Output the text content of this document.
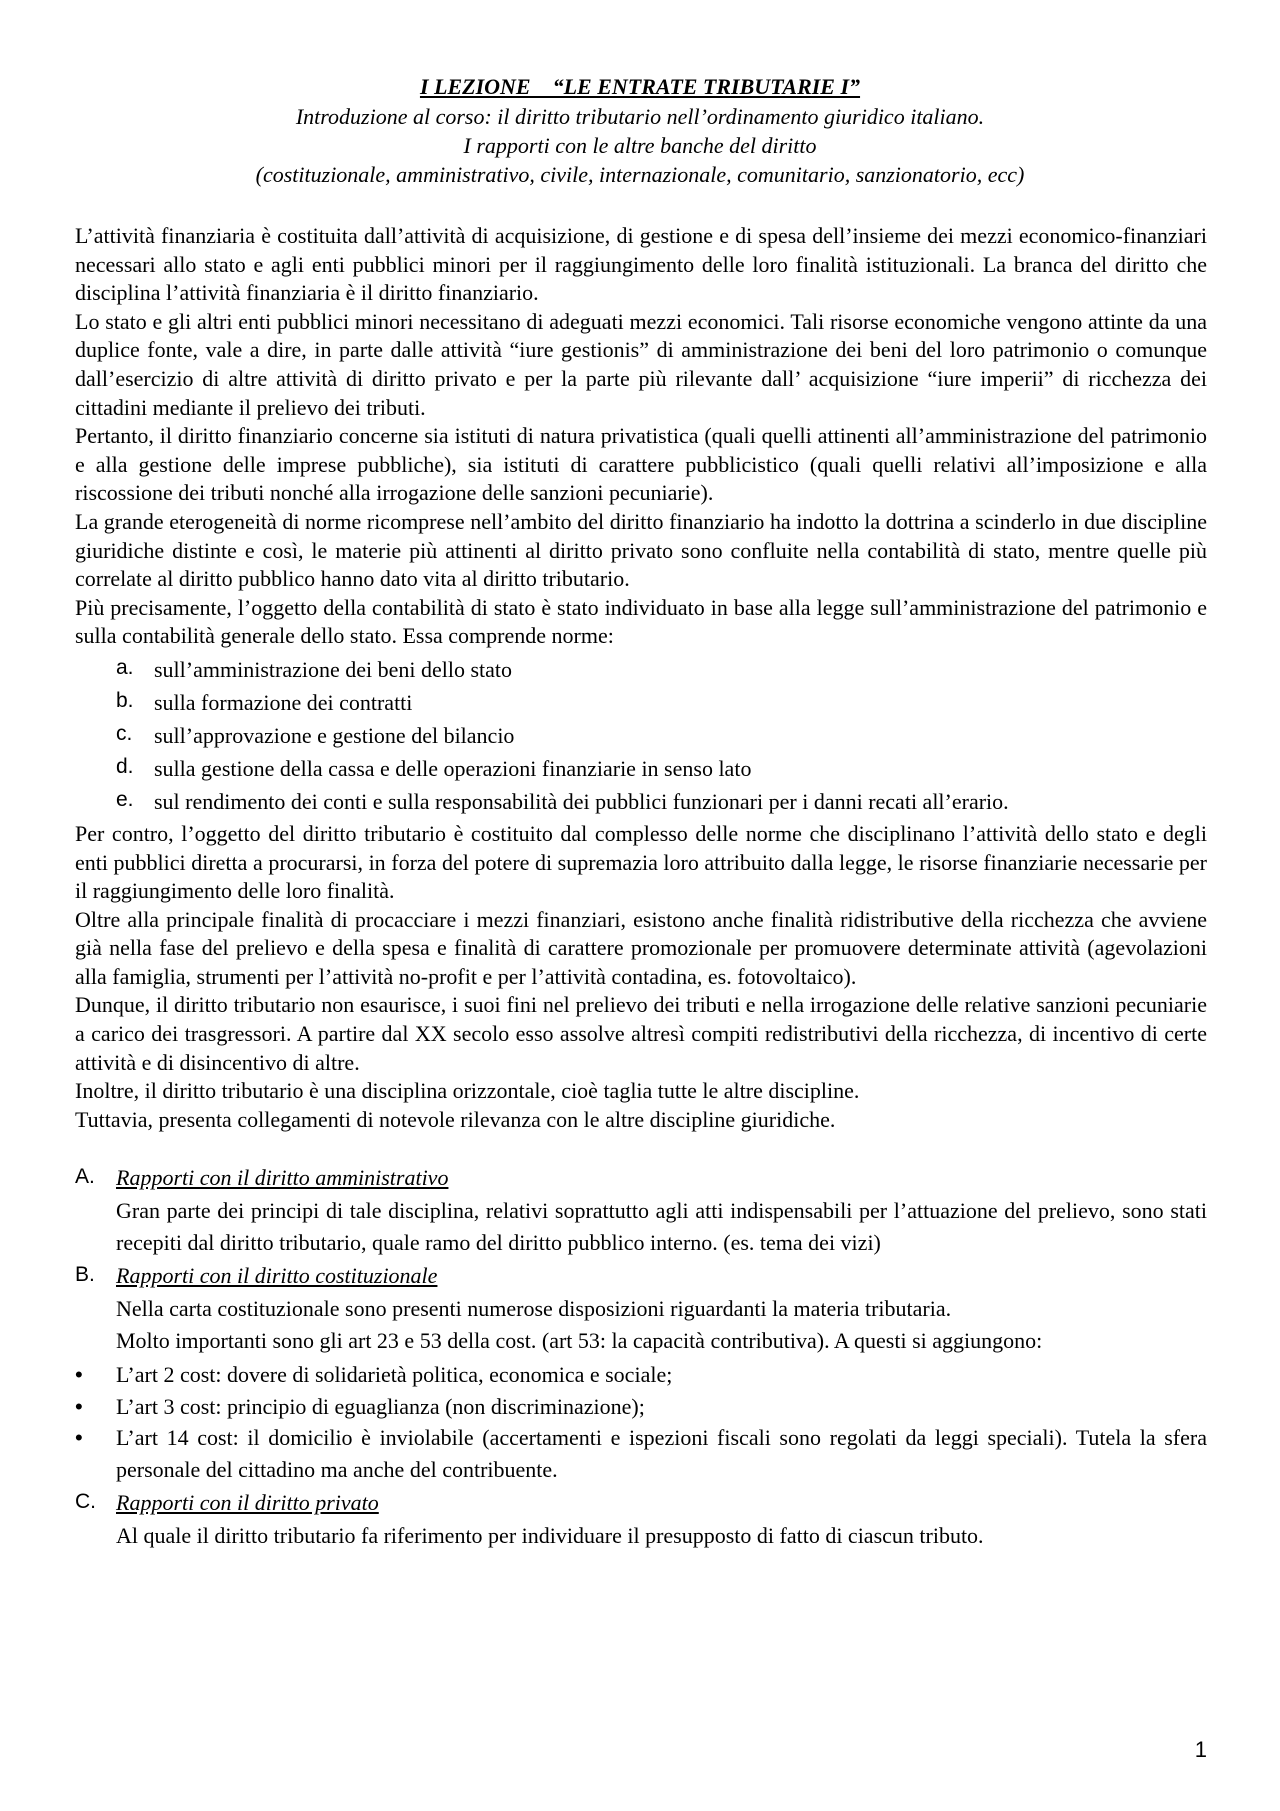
I LEZIONE    “LE ENTRATE TRIBUTARIE I”
Introduzione al corso: il diritto tributario nell’ordinamento giuridico italiano.
I rapporti con le altre banche del diritto
(costituzionale, amministrativo, civile, internazionale, comunitario, sanzionatorio, ecc)

L’attività finanziaria è costituita dall’attività di acquisizione, di gestione e di spesa dell’insieme dei mezzi economico-finanziari necessari allo stato e agli enti pubblici minori per il raggiungimento delle loro finalità istituzionali. La branca del diritto che disciplina l’attività finanziaria è il diritto finanziario.

Lo stato e gli altri enti pubblici minori necessitano di adeguati mezzi economici. Tali risorse economiche vengono attinte da una duplice fonte, vale a dire, in parte dalle attività “iure gestionis” di amministrazione dei beni del loro patrimonio o comunque dall’esercizio di altre attività di diritto privato e per la parte più rilevante dall’ acquisizione “iure imperii” di ricchezza dei cittadini mediante il prelievo dei tributi.

Pertanto, il diritto finanziario concerne sia istituti di natura privatistica (quali quelli attinenti all’amministrazione del patrimonio e alla gestione delle imprese pubbliche), sia istituti di carattere pubblicistico (quali quelli relativi all’imposizione e alla riscossione dei tributi nonché alla irrogazione delle sanzioni pecuniarie).

La grande eterogeneità di norme ricomprese nell’ambito del diritto finanziario ha indotto la dottrina a scinderlo in due discipline giuridiche distinte e così, le materie più attinenti al diritto privato sono confluite nella contabilità di stato, mentre quelle più correlate al diritto pubblico hanno dato vita al diritto tributario.

Più precisamente, l’oggetto della contabilità di stato è stato individuato in base alla legge sull’amministrazione del patrimonio e sulla contabilità generale dello stato. Essa comprende norme:

a. sull’amministrazione dei beni dello stato
b. sulla formazione dei contratti
c. sull’approvazione e gestione del bilancio
d. sulla gestione della cassa e delle operazioni finanziarie in senso lato
e. sul rendimento dei conti e sulla responsabilità dei pubblici funzionari per i danni recati all’erario.

Per contro, l’oggetto del diritto tributario è costituito dal complesso delle norme che disciplinano l’attività dello stato e degli enti pubblici diretta a procurarsi, in forza del potere di supremazia loro attribuito dalla legge, le risorse finanziarie necessarie per il raggiungimento delle loro finalità.

Oltre alla principale finalità di procacciare i mezzi finanziari, esistono anche finalità ridistributive della ricchezza che avviene già nella fase del prelievo e della spesa e finalità di carattere promozionale per promuovere determinate attività (agevolazioni alla famiglia, strumenti per l’attività no-profit e per l’attività contadina, es. fotovoltaico).

Dunque, il diritto tributario non esaurisce, i suoi fini nel prelievo dei tributi e nella irrogazione delle relative sanzioni pecuniarie a carico dei trasgressori. A partire dal XX secolo esso assolve altresì compiti redistributivi della ricchezza, di incentivo di certe attività e di disincentivo di altre.

Inoltre, il diritto tributario è una disciplina orizzontale, cioè taglia tutte le altre discipline.

Tuttavia, presenta collegamenti di notevole rilevanza con le altre discipline giuridiche.

A. Rapporti con il diritto amministrativo

Gran parte dei principi di tale disciplina, relativi soprattutto agli atti indispensabili per l’attuazione del prelievo, sono stati recepiti dal diritto tributario, quale ramo del diritto pubblico interno. (es. tema dei vizi)

B. Rapporti con il diritto costituzionale

Nella carta costituzionale sono presenti numerose disposizioni riguardanti la materia tributaria.

Molto importanti sono gli art 23 e 53 della cost. (art 53: la capacità contributiva). A questi si aggiungono:

• L’art 2 cost: dovere di solidarietà politica, economica e sociale;
• L’art 3 cost: principio di eguaglianza (non discriminazione);
• L’art 14 cost: il domicilio è inviolabile (accertamenti e ispezioni fiscali sono regolati da leggi speciali). Tutela la sfera personale del cittadino ma anche del contribuente.
C. Rapporti con il diritto privato

Al quale il diritto tributario fa riferimento per individuare il presupposto di fatto di ciascun tributo.

1
